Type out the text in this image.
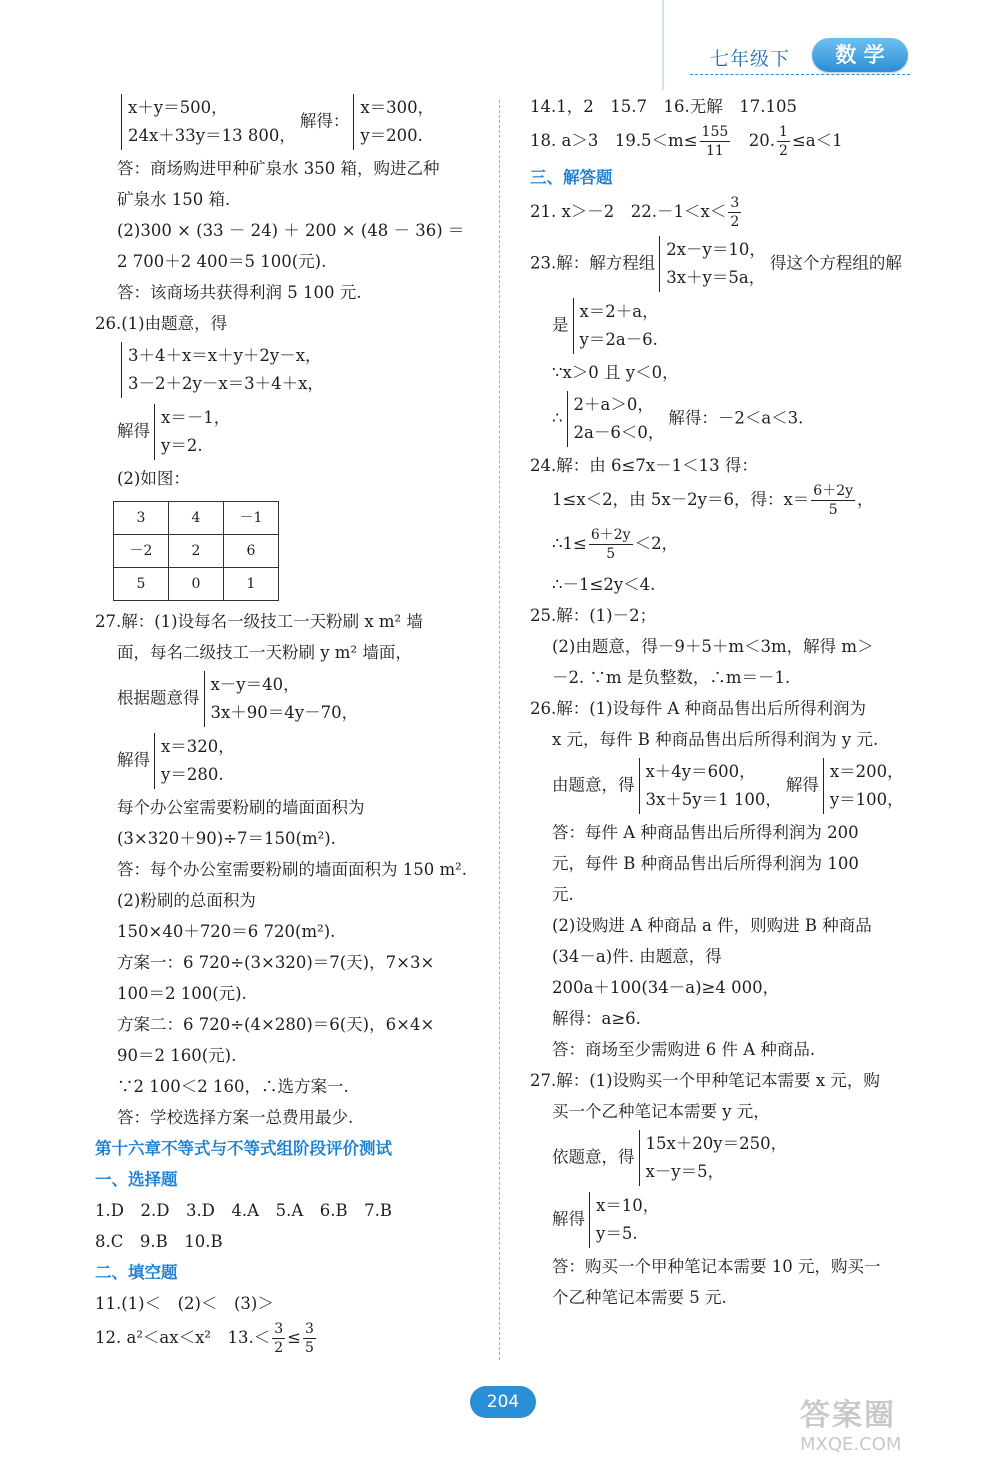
七年级下	数 学
x＋y＝500，
24x＋33y＝13 800，
解得：
x＝300，
y＝200.
答：商场购进甲种矿泉水 350 箱，购进乙种
矿泉水 150 箱.
(2)300 × (33 － 24) ＋ 200 × (48 － 36) ＝
2 700＋2 400＝5 100(元).
答：该商场共获得利润 5 100 元.
26.(1)由题意，得
3＋4＋x＝x＋y＋2y－x，
3－2＋2y－x＝3＋4＋x，
解得
x＝－1，
y＝2.
(2)如图：
3	4	－1
－2	2	6
5	0	1
27.解：(1)设每名一级技工一天粉刷 x m² 墙
面，每名二级技工一天粉刷 y m² 墙面，
根据题意得
x－y＝40，
3x＋90＝4y－70，
解得
x＝320，
y＝280.
每个办公室需要粉刷的墙面面积为
(3×320＋90)÷7＝150(m²).
答：每个办公室需要粉刷的墙面面积为 150 m².
(2)粉刷的总面积为
150×40＋720＝6 720(m²).
方案一：6 720÷(3×320)＝7(天)，7×3×
100＝2 100(元).
方案二：6 720÷(4×280)＝6(天)，6×4×
90＝2 160(元).
∵2 100＜2 160，∴选方案一.
答：学校选择方案一总费用最少.
第十六章不等式与不等式组阶段评价测试
一、选择题
1.D　2.D　3.D　4.A　5.A　6.B　7.B
8.C　9.B　10.B
二、填空题
11.(1)＜　(2)＜　(3)＞
12. a²＜ax＜x²　$13.< \frac{3}{2} \le \frac{3}{5}$
14.1，2　15.7　16.无解　17.105
18. a＞3　$19.5<m\le \frac{155}{11}$ 　20. $\frac{1}{2} \le a<1$
三、解答题
21. x＞－2　$22.-1<x< \frac{3}{2}$
23.解：解方程组
2x－y＝10，
3x＋y＝5a，
得这个方程组的解
是
x＝2＋a，
y＝2a－6.
∵x＞0 且 y＜0，
∴
2＋a＞0，
2a－6＜0，
解得：－2＜a＜3.
24.解：由 6≤7x－1＜13 得：
1≤x＜2，由 5x－2y＝6，得：$x= \frac{6+2y}{5}$ ，
∴1≤ $\frac{6+2y}{5} <2$，
∴－1≤2y＜4.
25.解：(1)－2；
(2)由题意，得－9＋5＋m＜3m，解得 m＞
－2. ∵m 是负整数，∴m＝－1.
26.解：(1)设每件 A 种商品售出后所得利润为
x 元，每件 B 种商品售出后所得利润为 y 元.
由题意，得
x＋4y＝600，
3x＋5y＝1 100，
解得
x＝200，
y＝100，
答：每件 A 种商品售出后所得利润为 200
元，每件 B 种商品售出后所得利润为 100
元.
(2)设购进 A 种商品 a 件，则购进 B 种商品
(34－a)件. 由题意，得
200a＋100(34－a)≥4 000，
解得：a≥6.
答：商场至少需购进 6 件 A 种商品.
27.解：(1)设购买一个甲种笔记本需要 x 元，购
买一个乙种笔记本需要 y 元，
依题意，得
15x＋20y＝250，
x－y＝5，
解得
x＝10，
y＝5.
答：购买一个甲种笔记本需要 10 元，购买一
个乙种笔记本需要 5 元.
204	答案圈
MXQE.COM
